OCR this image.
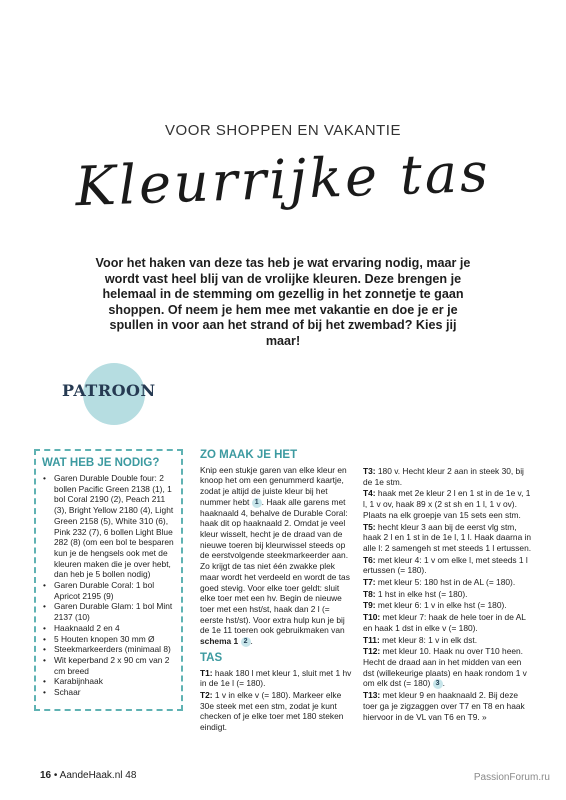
VOOR SHOPPEN EN VAKANTIE
Kleurrijke tas
Voor het haken van deze tas heb je wat ervaring nodig, maar je wordt vast heel blij van de vrolijke kleuren. Deze brengen je helemaal in de stemming om gezellig in het zonnetje te gaan shoppen. Of neem je hem mee met vakantie en doe je er je spullen in voor aan het strand of bij het zwembad? Kies jij maar!
PATROON
WAT HEB JE NODIG?
• Garen Durable Double four: 2 bollen Pacific Green 2138 (1), 1 bol Coral 2190 (2), Peach 211 (3), Bright Yellow 2180 (4), Light Green 2158 (5), White 310 (6), Pink 232 (7), 6 bollen Light Blue 282 (8) (om een bol te besparen kun je de hengsels ook met de kleuren maken die je over hebt, dan heb je 5 bollen nodig)
• Garen Durable Coral: 1 bol Apricot 2195 (9)
• Garen Durable Glam: 1 bol Mint 2137 (10)
• Haaknaald 2 en 4
• 5 Houten knopen 30 mm Ø
• Steekmarkeerders (minimaal 8)
• Wit keperband 2 x 90 cm van 2 cm breed
• Karabijnhaak
• Schaar
ZO MAAK JE HET

Knip een stukje garen van elke kleur en knoop het om een genummerd kaartje, zodat je altijd de juiste kleur bij het nummer hebt 1 . Haak alle garens met haaknaald 4, behalve de Durable Coral: haak dit op haaknaald 2. Omdat je veel kleur wisselt, hecht je de draad van de nieuwe toeren bij kleurwissel steeds op de eerstvolgende steekmarkeerder aan. Zo krijgt de tas niet één zwakke plek maar wordt het verdeeld en wordt de tas goed stevig. Voor elke toer geldt: sluit elke toer met een hv. Begin de nieuwe toer met een hst/st, haak dan 2 l (= eerste hst/st). Voor extra hulp kun je bij de 1e 11 toeren ook gebruikmaken van schema 1 2 .

TAS

T1: haak 180 l met kleur 1, sluit met 1 hv in de 1e l (= 180).

T2: 1 v in elke v (= 180). Markeer elke 30e steek met een stm, zodat je kunt checken of je elke toer met 180 steken eindigt.

T3: 180 v. Hecht kleur 2 aan in steek 30, bij de 1e stm.

T4: haak met 2e kleur 2 l en 1 st in de 1e v, 1 l, 1 v ov, haak 89 x (2 st sh en 1 l, 1 v ov). Plaats na elk groepje van 15 sets een stm.

T5: hecht kleur 3 aan bij de eerst vlg stm, haak 2 l en 1 st in de 1e l, 1 l. Haak daarna in alle l: 2 samengeh st met steeds 1 l ertussen.

T6: met kleur 4: 1 v om elke l, met steeds 1 l ertussen (= 180).

T7: met kleur 5: 180 hst in de AL (= 180).

T8: 1 hst in elke hst (= 180).

T9: met kleur 6: 1 v in elke hst (= 180).

T10: met kleur 7: haak de hele toer in de AL en haak 1 dst in elke v (= 180).

T11: met kleur 8: 1 v in elk dst.

T12: met kleur 10. Haak nu over T10 heen. Hecht de draad aan in het midden van een dst (willekeurige plaats) en haak rondom 1 v om elk dst (= 180) 3 .

T13: met kleur 9 en haaknaald 2. Bij deze toer ga je zigzaggen over T7 en T8 en haak hiervoor in de VL van T6 en T9. »

16 • AandeHaak.nl 48	PassionForum.ru
